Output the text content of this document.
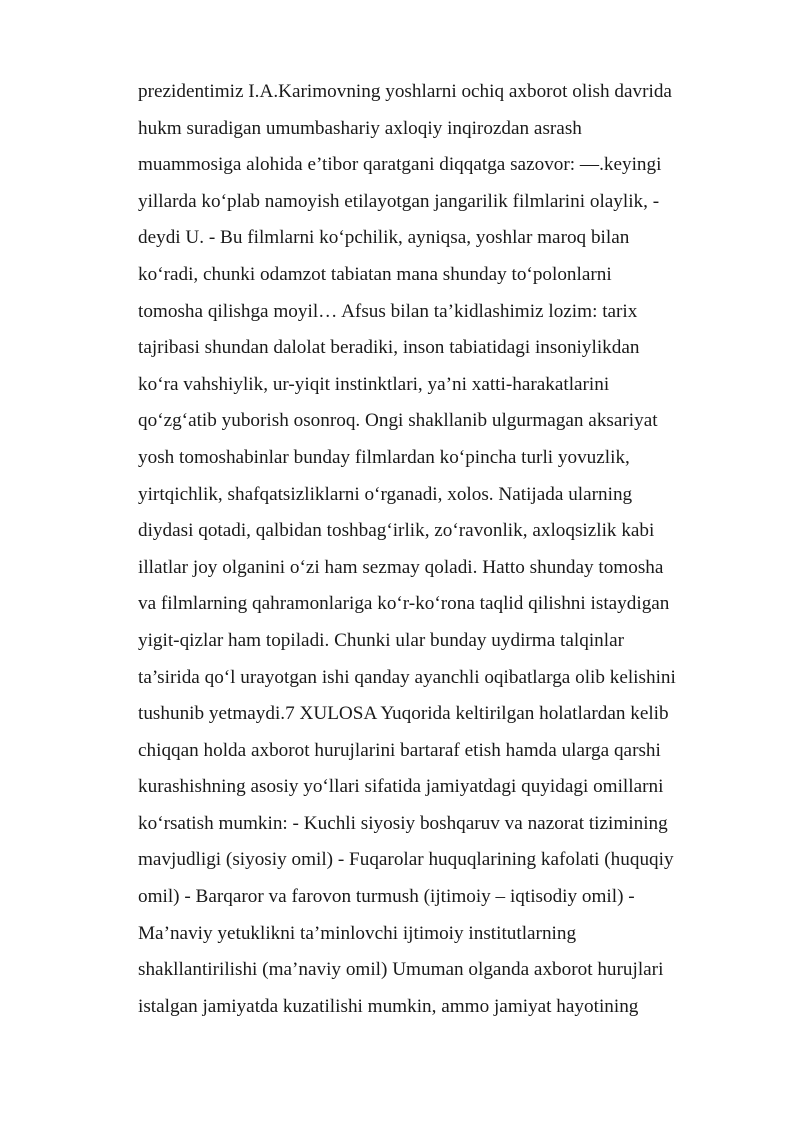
prezidentimiz I.A.Karimovning yoshlarni ochiq axborot olish davrida
hukm suradigan umumbashariy axloqiy inqirozdan asrash
muammosiga alohida e’tibor qaratgani diqqatga sazovor: —.keyingi
yillarda ko‘plab namoyish etilayotgan jangarilik filmlarini olaylik, -
deydi U. - Bu filmlarni ko‘pchilik, ayniqsa, yoshlar maroq bilan
ko‘radi, chunki odamzot tabiatan mana shunday to‘polonlarni
tomosha qilishga moyil… Afsus bilan ta’kidlashimiz lozim: tarix
tajribasi shundan dalolat beradiki, inson tabiatidagi insoniylikdan
ko‘ra vahshiylik, ur-yiqit instinktlari, ya’ni xatti-harakatlarini
qo‘zg‘atib yuborish osonroq. Ongi shakllanib ulgurmagan aksariyat
yosh tomoshabinlar bunday filmlardan ko‘pincha turli yovuzlik,
yirtqichlik, shafqatsizliklarni o‘rganadi, xolos. Natijada ularning
diydasi qotadi, qalbidan toshbag‘irlik, zo‘ravonlik, axloqsizlik kabi
illatlar joy olganini o‘zi ham sezmay qoladi. Hatto shunday tomosha
va filmlarning qahramonlariga ko‘r-ko‘rona taqlid qilishni istaydigan
yigit-qizlar ham topiladi. Chunki ular bunday uydirma talqinlar
ta’sirida qo‘l urayotgan ishi qanday ayanchli oqibatlarga olib kelishini
tushunib yetmaydi.7 XULOSA Yuqorida keltirilgan holatlardan kelib
chiqqan holda axborot hurujlarini bartaraf etish hamda ularga qarshi
kurashishning asosiy yo‘llari sifatida jamiyatdagi quyidagi omillarni
ko‘rsatish mumkin: - Kuchli siyosiy boshqaruv va nazorat tizimining
mavjudligi (siyosiy omil) - Fuqarolar huquqlarining kafolati (huquqiy
omil) - Barqaror va farovon turmush (ijtimoiy – iqtisodiy omil) -
Ma’naviy yetuklikni ta’minlovchi ijtimoiy institutlarning
shakllantirilishi (ma’naviy omil) Umuman olganda axborot hurujlari
istalgan jamiyatda kuzatilishi mumkin, ammo jamiyat hayotining
